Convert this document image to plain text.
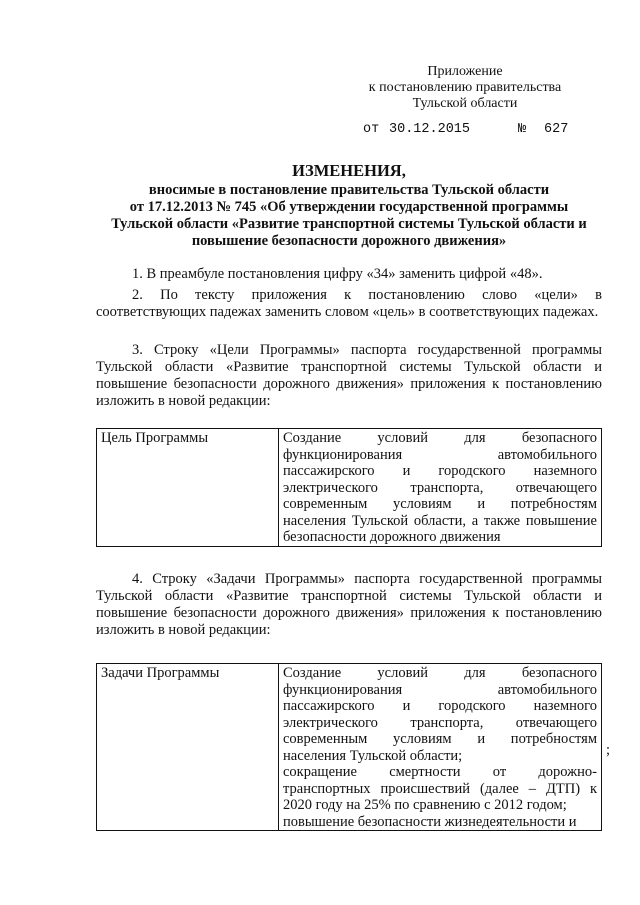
Приложение
к постановлению правительства
Тульской области
от 30.12.2015	№ 627
ИЗМЕНЕНИЯ,
вносимые в постановление правительства Тульской области
от 17.12.2013 № 745 «Об утверждении государственной программы
Тульской области «Развитие транспортной системы Тульской области и
повышение безопасности дорожного движения»
1. В преамбуле постановления цифру «34» заменить цифрой «48».
2. По тексту приложения к постановлению слово «цели» в соответствующих падежах заменить словом «цель» в соответствующих падежах.
3. Строку «Цели Программы» паспорта государственной программы Тульской области «Развитие транспортной системы Тульской области и повышение безопасности дорожного движения» приложения к постановлению изложить в новой редакции:
Цель Программы	Создание условий для безопасного функционирования автомобильного пассажирского и городского наземного электрического транспорта, отвечающего современным условиям и потребностям населения Тульской области, а также повышение безопасности дорожного движения
4. Строку «Задачи Программы» паспорта государственной программы Тульской области «Развитие транспортной системы Тульской области и повышение безопасности дорожного движения» приложения к постановлению изложить в новой редакции:
Задачи Программы	Создание условий для безопасного функционирования автомобильного пассажирского и городского наземного электрического транспорта, отвечающего современным условиям и потребностям населения Тульской области;
сокращение смертности от дорожно-транспортных происшествий (далее – ДТП) к 2020 году на 25% по сравнению с 2012 годом;
повышение безопасности жизнедеятельности и
;
